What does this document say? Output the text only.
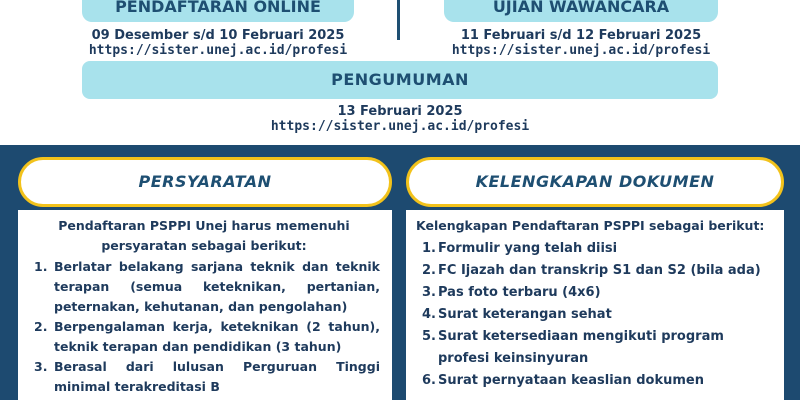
PENDAFTARAN ONLINE	UJIAN WAWANCARA
09 Desember s/d 10 Februari 2025
https://sister.unej.ac.id/profesi
11 Februari s/d 12 Februari 2025
https://sister.unej.ac.id/profesi
PENGUMUMAN
13 Februari 2025
https://sister.unej.ac.id/profesi
PERSYARATAN	KELENGKAPAN DOKUMEN
Pendaftaran PSPPI Unej harus memenuhi persyaratan sebagai berikut:
1. Berlatar belakang sarjana teknik dan teknik terapan (semua keteknikan, pertanian, peternakan, kehutanan, dan pengolahan)
2. Berpengalaman kerja, keteknikan (2 tahun), teknik terapan dan pendidikan (3 tahun)
3. Berasal dari lulusan Perguruan Tinggi minimal terakreditasi B
Kelengkapan Pendaftaran PSPPI sebagai berikut:
1. Formulir yang telah diisi
2. FC Ijazah dan transkrip S1 dan S2 (bila ada)
3. Pas foto terbaru (4x6)
4. Surat keterangan sehat
5. Surat ketersediaan mengikuti program profesi keinsinyuran
6. Surat pernyataan keaslian dokumen
